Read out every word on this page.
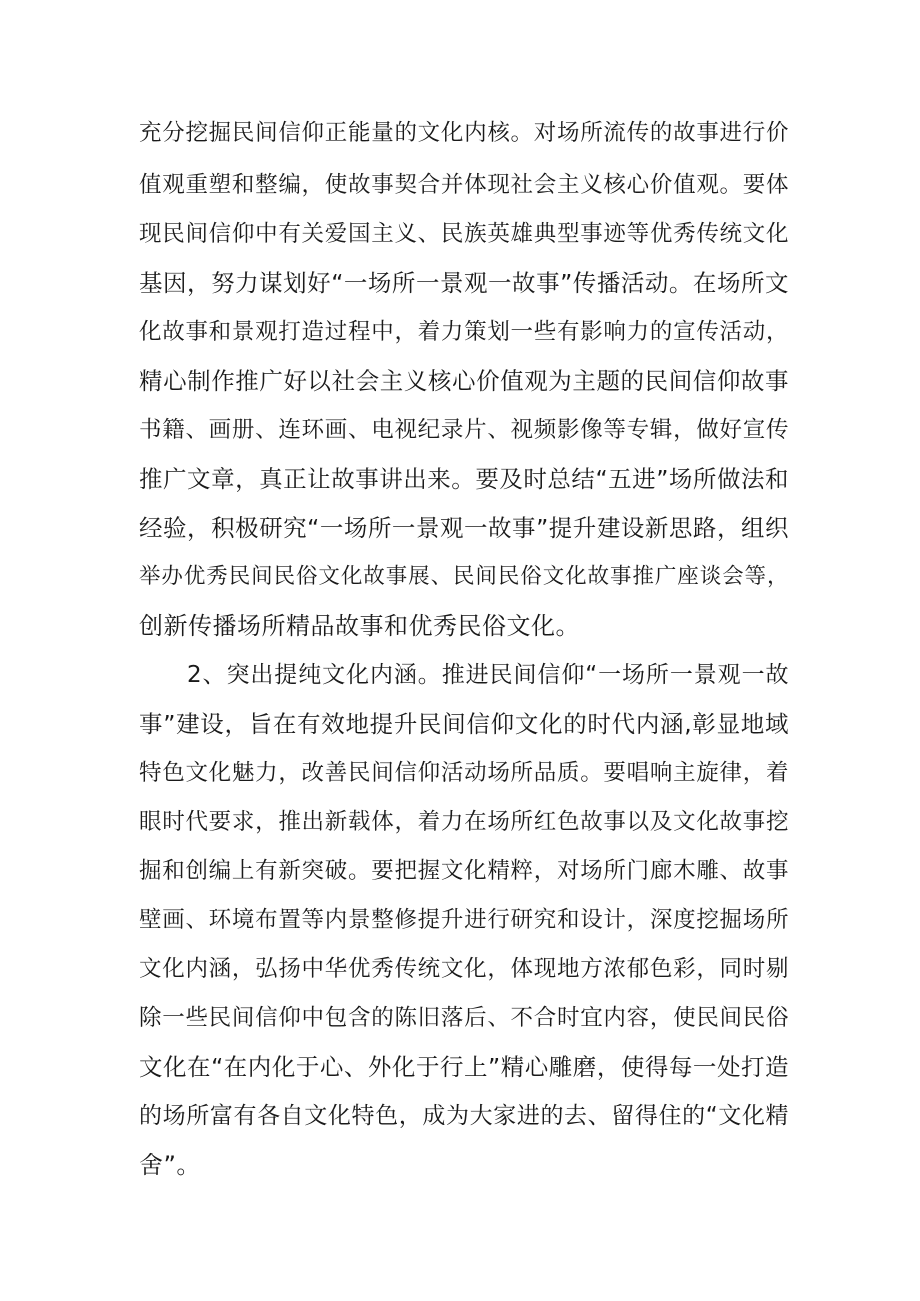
充分挖掘民间信仰正能量的文化内核。对场所流传的故事进行价
值观重塑和整编，使故事契合并体现社会主义核心价值观。要体
现民间信仰中有关爱国主义、民族英雄典型事迹等优秀传统文化
基因，努力谋划好“一场所一景观一故事”传播活动。在场所文
化故事和景观打造过程中，着力策划一些有影响力的宣传活动，
精心制作推广好以社会主义核心价值观为主题的民间信仰故事
书籍、画册、连环画、电视纪录片、视频影像等专辑，做好宣传
推广文章，真正让故事讲出来。要及时总结“五进”场所做法和
经验，积极研究“一场所一景观一故事”提升建设新思路，组织
举办优秀民间民俗文化故事展、民间民俗文化故事推广座谈会等，
创新传播场所精品故事和优秀民俗文化。
2、突出提纯文化内涵。推进民间信仰“一场所一景观一故
事”建设，旨在有效地提升民间信仰文化的时代内涵,彰显地域
特色文化魅力，改善民间信仰活动场所品质。要唱响主旋律，着
眼时代要求，推出新载体，着力在场所红色故事以及文化故事挖
掘和创编上有新突破。要把握文化精粹，对场所门廊木雕、故事
壁画、环境布置等内景整修提升进行研究和设计，深度挖掘场所
文化内涵，弘扬中华优秀传统文化，体现地方浓郁色彩，同时剔
除一些民间信仰中包含的陈旧落后、不合时宜内容，使民间民俗
文化在“在内化于心、外化于行上”精心雕磨，使得每一处打造
的场所富有各自文化特色，成为大家进的去、留得住的“文化精
舍”。
